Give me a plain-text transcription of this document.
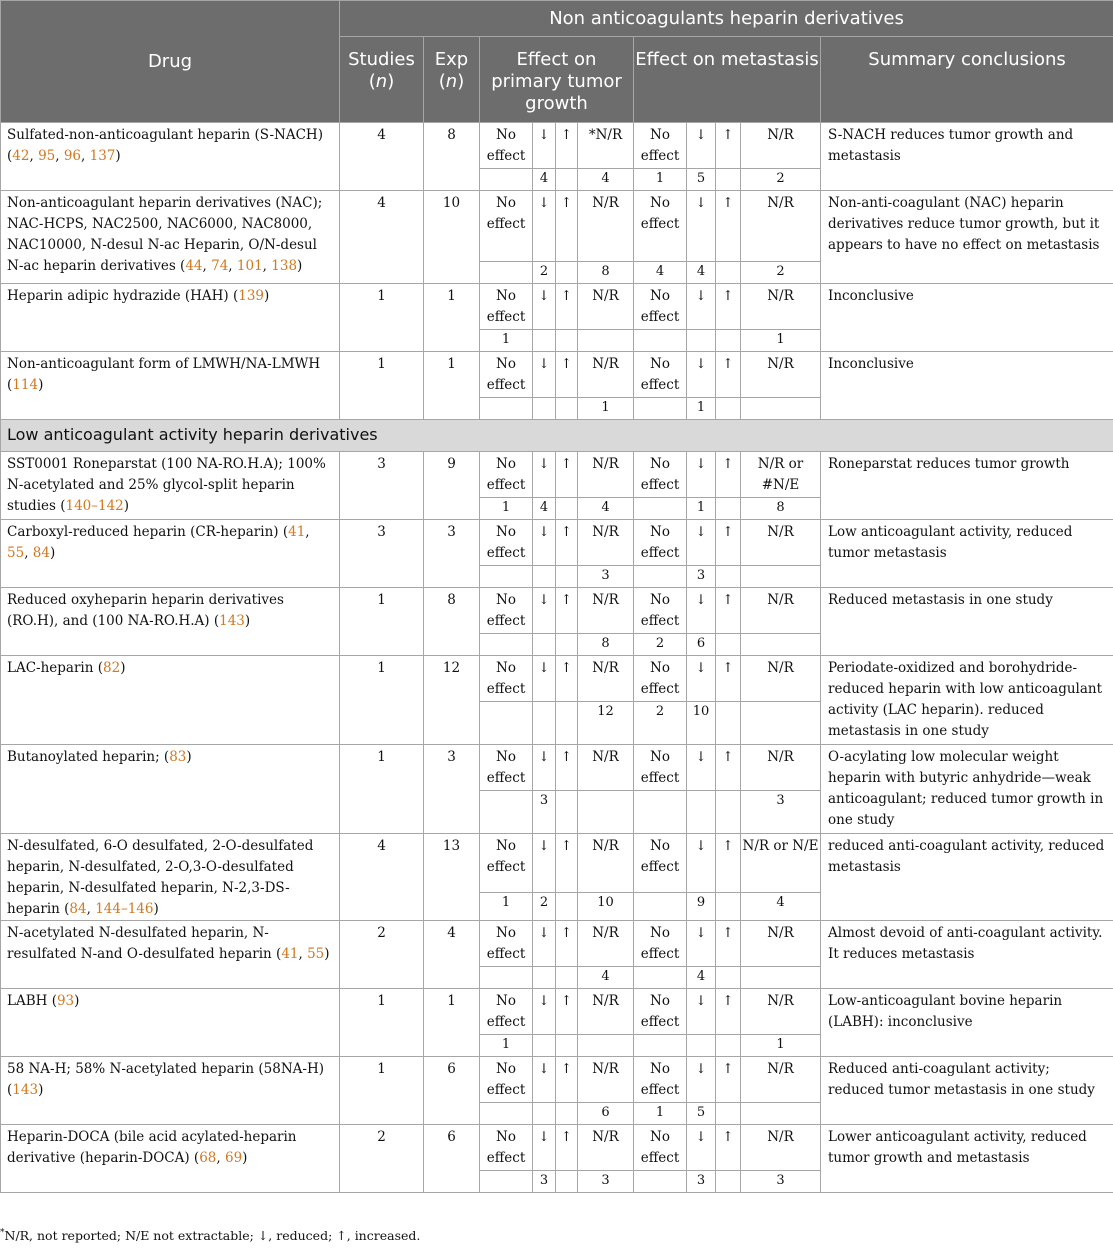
Drug	Non anticoagulants heparin derivatives										
	Studies
(n)	Exp
(n)	Effect on primary tumor growth				Effect on metastasis				Summary conclusions
Sulfated-non-anticoagulant heparin (S-NACH) (42, 95, 96, 137)	4	8	No effect	↓	↑	*N/R	No effect	↓	↑	N/R	S-NACH reduces tumor growth and metastasis
				4		4	1	5		2	
Non-anticoagulant heparin derivatives (NAC); NAC-HCPS, NAC2500, NAC6000, NAC8000, NAC10000, N-desul N-ac Heparin, O/N-desul N-ac heparin derivatives (44, 74, 101, 138)	4	10	No effect	↓	↑	N/R	No effect	↓	↑	N/R	Non-anti-coagulant (NAC) heparin derivatives reduce tumor growth, but it appears to have no effect on metastasis
				2		8	4	4		2	
Heparin adipic hydrazide (HAH) (139)	1	1	No effect	↓	↑	N/R	No effect	↓	↑	N/R	Inconclusive
			1							1	
Non-anticoagulant form of LMWH/NA-LMWH (114)	1	1	No effect	↓	↑	N/R	No effect	↓	↑	N/R	Inconclusive
						1		1			
Low anticoagulant activity heparin derivatives											
SST0001 Roneparstat (100 NA-RO.H.A); 100% N-acetylated and 25% glycol-split heparin studies (140–142)	3	9	No effect	↓	↑	N/R	No effect	↓	↑	N/R or #N/E	Roneparstat reduces tumor growth
			1	4		4		1		8	
Carboxyl-reduced heparin (CR-heparin) (41, 55, 84)	3	3	No effect	↓	↑	N/R	No effect	↓	↑	N/R	Low anticoagulant activity, reduced tumor metastasis
						3		3			
Reduced oxyheparin heparin derivatives (RO.H), and (100 NA-RO.H.A) (143)	1	8	No effect	↓	↑	N/R	No effect	↓	↑	N/R	Reduced metastasis in one study
						8	2	6			
LAC-heparin (82)	1	12	No effect	↓	↑	N/R	No effect	↓	↑	N/R	Periodate-oxidized and borohydride-reduced heparin with low anticoagulant activity (LAC heparin). reduced metastasis in one study
						12	2	10			
Butanoylated heparin; (83)	1	3	No effect	↓	↑	N/R	No effect	↓	↑	N/R	O-acylating low molecular weight heparin with butyric anhydride—weak anticoagulant; reduced tumor growth in one study
				3						3	
N-desulfated, 6-O desulfated, 2-O-desulfated heparin, N-desulfated, 2-O,3-O-desulfated heparin, N-desulfated heparin, N-2,3-DS-heparin (84, 144–146)	4	13	No effect	↓	↑	N/R	No effect	↓	↑	N/R or N/E	reduced anti-coagulant activity, reduced metastasis
			1	2		10		9		4	
N-acetylated N-desulfated heparin, N-resulfated N-and O-desulfated heparin (41, 55)	2	4	No effect	↓	↑	N/R	No effect	↓	↑	N/R	Almost devoid of anti-coagulant activity. It reduces metastasis
						4		4			
LABH (93)	1	1	No effect	↓	↑	N/R	No effect	↓	↑	N/R	Low-anticoagulant bovine heparin (LABH): inconclusive
			1							1	
58 NA-H; 58% N-acetylated heparin (58NA-H) (143)	1	6	No effect	↓	↑	N/R	No effect	↓	↑	N/R	Reduced anti-coagulant activity; reduced tumor metastasis in one study
						6	1	5			
Heparin-DOCA (bile acid acylated-heparin derivative (heparin-DOCA) (68, 69)	2	6	No effect	↓	↑	N/R	No effect	↓	↑	N/R	Lower anticoagulant activity, reduced tumor growth and metastasis
				3		3		3		3	
*N/R, not reported; N/E not extractable; ↓, reduced; ↑, increased.
